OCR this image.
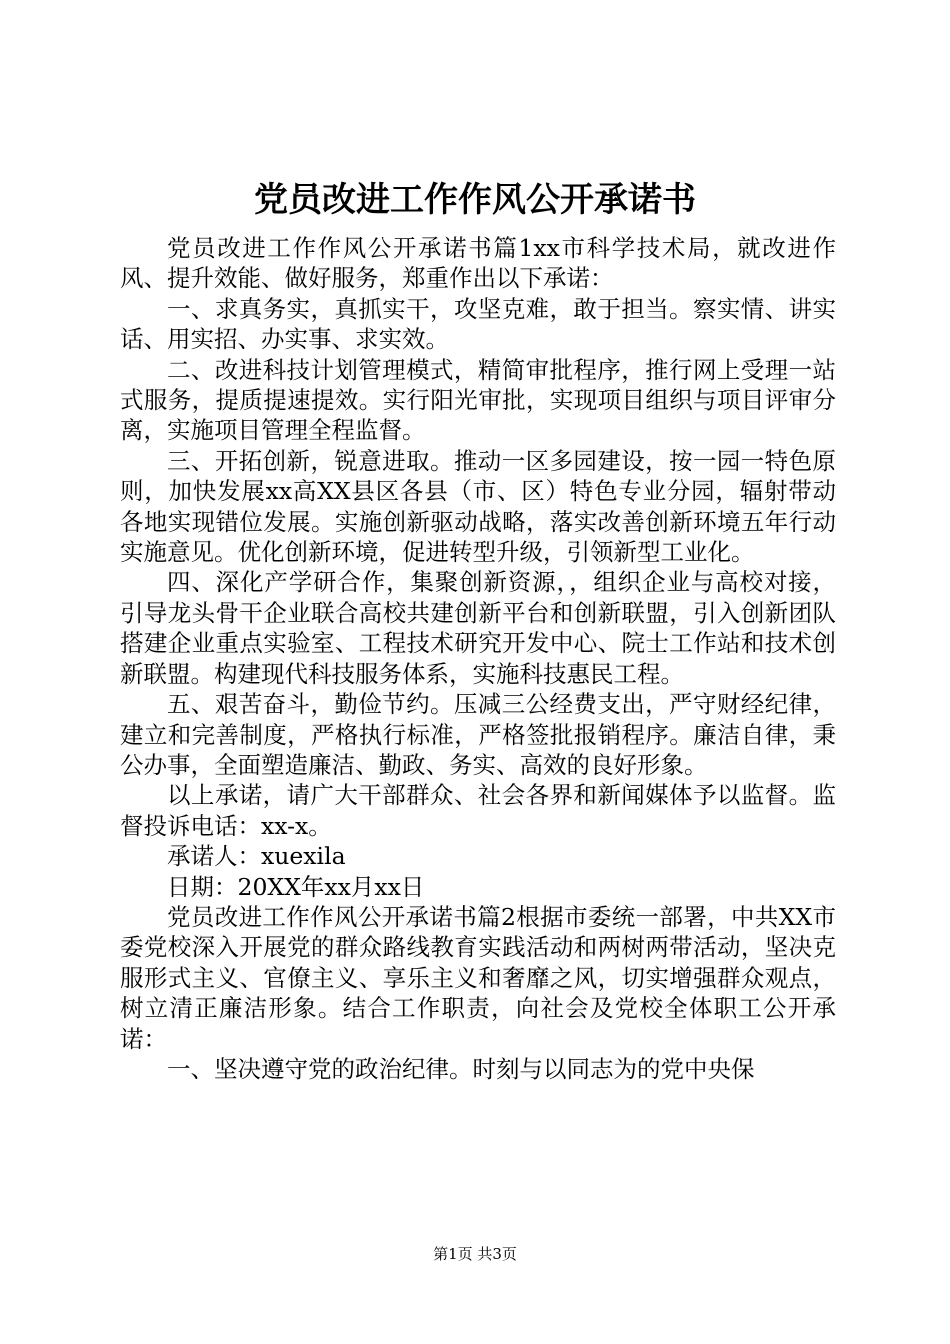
党员改进工作作风公开承诺书

党员改进工作作风公开承诺书篇1xx市科学技术局，就改进作风、提升效能、做好服务，郑重作出以下承诺：

一、求真务实，真抓实干，攻坚克难，敢于担当。察实情、讲实话、用实招、办实事、求实效。

二、改进科技计划管理模式，精简审批程序，推行网上受理一站式服务，提质提速提效。实行阳光审批，实现项目组织与项目评审分离，实施项目管理全程监督。

三、开拓创新，锐意进取。推动一区多园建设，按一园一特色原则，加快发展xx高XX县区各县（市、区）特色专业分园，辐射带动各地实现错位发展。实施创新驱动战略，落实改善创新环境五年行动实施意见。优化创新环境，促进转型升级，引领新型工业化。

四、深化产学研合作，集聚创新资源，，组织企业与高校对接，引导龙头骨干企业联合高校共建创新平台和创新联盟，引入创新团队搭建企业重点实验室、工程技术研究开发中心、院士工作站和技术创新联盟。构建现代科技服务体系，实施科技惠民工程。

五、艰苦奋斗，勤俭节约。压减三公经费支出，严守财经纪律，建立和完善制度，严格执行标准，严格签批报销程序。廉洁自律，秉公办事，全面塑造廉洁、勤政、务实、高效的良好形象。

以上承诺，请广大干部群众、社会各界和新闻媒体予以监督。监督投诉电话：xx-x。

承诺人：xuexila

日期：20XX年xx月xx日

党员改进工作作风公开承诺书篇2根据市委统一部署，中共XX市委党校深入开展党的群众路线教育实践活动和两树两带活动，坚决克服形式主义、官僚主义、享乐主义和奢靡之风，切实增强群众观点，树立清正廉洁形象。结合工作职责，向社会及党校全体职工公开承诺：

一、坚决遵守党的政治纪律。时刻与以同志为的党中央保

第1页 共3页
